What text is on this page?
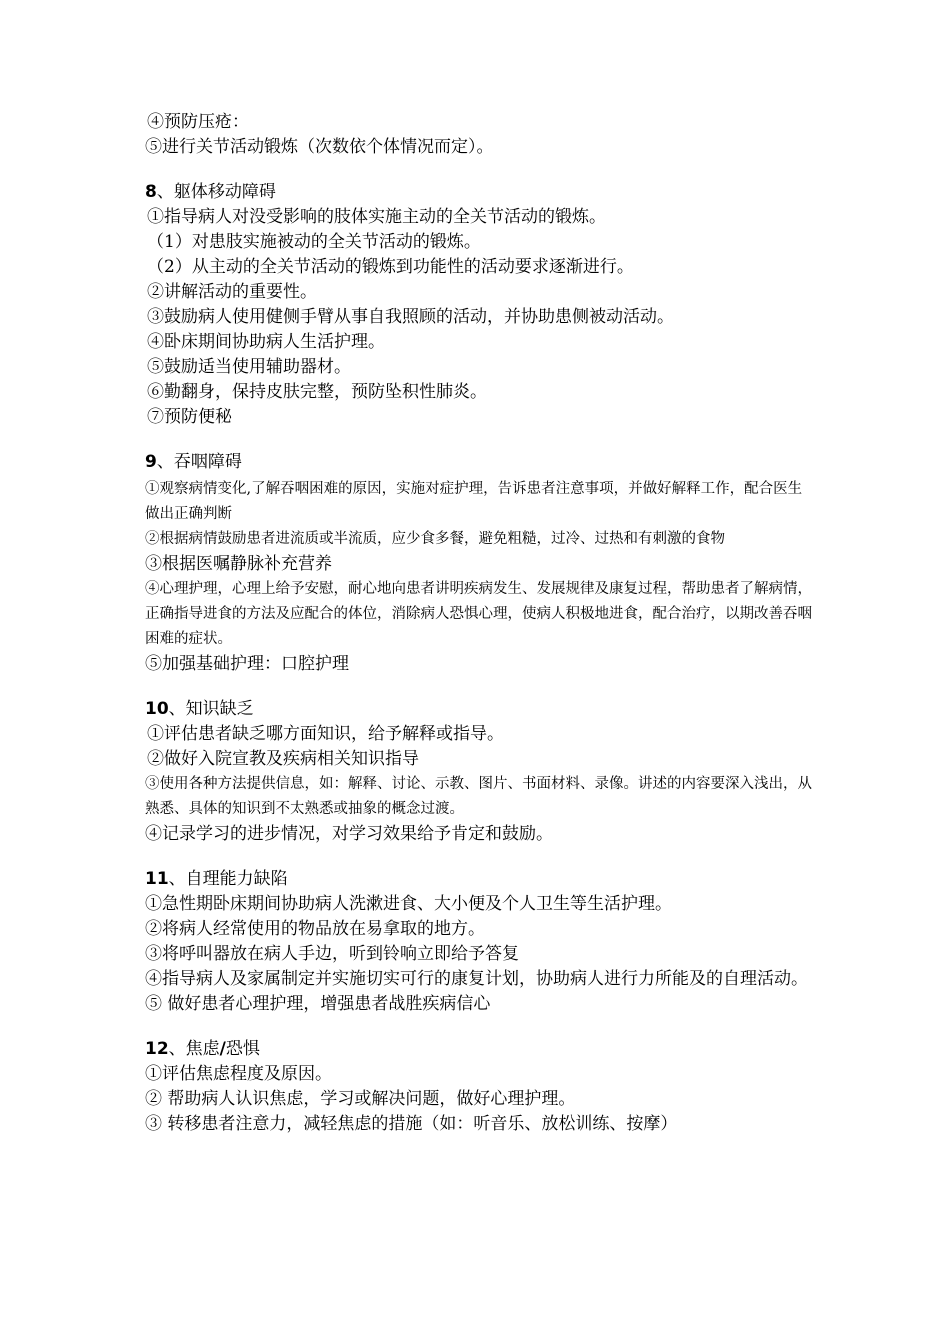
④预防压疮：
⑤进行关节活动锻炼（次数依个体情况而定）。
8、躯体移动障碍
①指导病人对没受影响的肢体实施主动的全关节活动的锻炼。
（1）对患肢实施被动的全关节活动的锻炼。
（2）从主动的全关节活动的锻炼到功能性的活动要求逐渐进行。
②讲解活动的重要性。
③鼓励病人使用健侧手臂从事自我照顾的活动，并协助患侧被动活动。
④卧床期间协助病人生活护理。
⑤鼓励适当使用辅助器材。
⑥勤翻身，保持皮肤完整，预防坠积性肺炎。
⑦预防便秘
9、吞咽障碍
①观察病情变化,了解吞咽困难的原因，实施对症护理，告诉患者注意事项，并做好解释工作，配合医生做出正确判断
②根据病情鼓励患者进流质或半流质，应少食多餐，避免粗糙，过冷、过热和有刺激的食物
③根据医嘱静脉补充营养
④心理护理，心理上给予安慰，耐心地向患者讲明疾病发生、发展规律及康复过程，帮助患者了解病情，正确指导进食的方法及应配合的体位，消除病人恐惧心理，使病人积极地进食，配合治疗，以期改善吞咽困难的症状。
⑤加强基础护理：口腔护理
10、知识缺乏
①评估患者缺乏哪方面知识，给予解释或指导。
②做好入院宣教及疾病相关知识指导
③使用各种方法提供信息，如：解释、讨论、示教、图片、书面材料、录像。讲述的内容要深入浅出，从熟悉、具体的知识到不太熟悉或抽象的概念过渡。
④记录学习的进步情况，对学习效果给予肯定和鼓励。
11、自理能力缺陷
①急性期卧床期间协助病人洗漱进食、大小便及个人卫生等生活护理。
②将病人经常使用的物品放在易拿取的地方。
③将呼叫器放在病人手边，听到铃响立即给予答复
④指导病人及家属制定并实施切实可行的康复计划，协助病人进行力所能及的自理活动。
⑤ 做好患者心理护理，增强患者战胜疾病信心
12、焦虑/恐惧
①评估焦虑程度及原因。
② 帮助病人认识焦虑，学习或解决问题，做好心理护理。
③ 转移患者注意力，减轻焦虑的措施（如：听音乐、放松训练、按摩）
